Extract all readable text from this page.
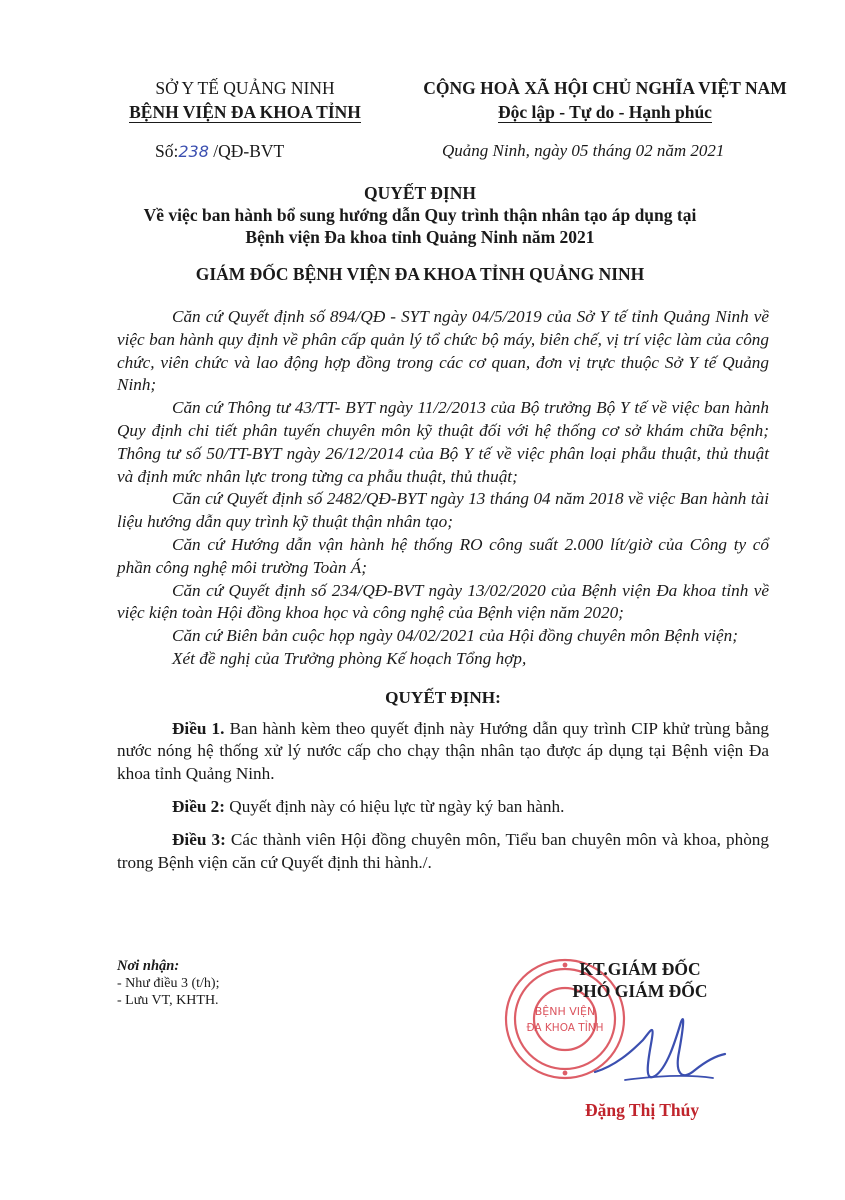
SỞ Y TẾ QUẢNG NINH
BỆNH VIỆN ĐA KHOA TỈNH
CỘNG HOÀ XÃ HỘI CHỦ NGHĨA VIỆT NAM
Độc lập - Tự do - Hạnh phúc
Số:238 /QĐ-BVT	Quảng Ninh, ngày 05 tháng 02 năm 2021
QUYẾT ĐỊNH
Về việc ban hành bổ sung hướng dẫn Quy trình thận nhân tạo áp dụng tại
Bệnh viện Đa khoa tỉnh Quảng Ninh năm 2021
GIÁM ĐỐC BỆNH VIỆN ĐA KHOA TỈNH QUẢNG NINH

Căn cứ Quyết định số 894/QĐ - SYT ngày 04/5/2019 của Sở Y tế tỉnh Quảng Ninh về việc ban hành quy định về phân cấp quản lý tổ chức bộ máy, biên chế, vị trí việc làm của công chức, viên chức và lao động hợp đồng trong các cơ quan, đơn vị trực thuộc Sở Y tế Quảng Ninh;

Căn cứ Thông tư 43/TT- BYT ngày 11/2/2013 của Bộ trưởng Bộ Y tế về việc ban hành Quy định chi tiết phân tuyến chuyên môn kỹ thuật đối với hệ thống cơ sở khám chữa bệnh; Thông tư số 50/TT-BYT ngày 26/12/2014 của Bộ Y tế về việc phân loại phẫu thuật, thủ thuật và định mức nhân lực trong từng ca phẫu thuật, thủ thuật;

Căn cứ Quyết định số 2482/QĐ-BYT ngày 13 tháng 04 năm 2018 về việc Ban hành tài liệu hướng dẫn quy trình kỹ thuật thận nhân tạo;

Căn cứ Hướng dẫn vận hành hệ thống RO công suất 2.000 lít/giờ của Công ty cổ phần công nghệ môi trường Toàn Á;

Căn cứ Quyết định số 234/QĐ-BVT ngày 13/02/2020 của Bệnh viện Đa khoa tỉnh về việc kiện toàn Hội đồng khoa học và công nghệ của Bệnh viện năm 2020;

Căn cứ Biên bản cuộc họp ngày 04/02/2021 của Hội đồng chuyên môn Bệnh viện;

Xét đề nghị của Trưởng phòng Kế hoạch Tổng hợp,

QUYẾT ĐỊNH:

Điều 1. Ban hành kèm theo quyết định này Hướng dẫn quy trình CIP khử trùng bằng nước nóng hệ thống xử lý nước cấp cho chạy thận nhân tạo được áp dụng tại Bệnh viện Đa khoa tỉnh Quảng Ninh.

Điều 2: Quyết định này có hiệu lực từ ngày ký ban hành.

Điều 3: Các thành viên Hội đồng chuyên môn, Tiểu ban chuyên môn và khoa, phòng trong Bệnh viện căn cứ Quyết định thi hành./.

Nơi nhận:
- Như điều 3 (t/h);
- Lưu VT, KHTH.
BỆNH VIỆN
ĐA KHOA TỈNH
KT.GIÁM ĐỐC
PHÓ GIÁM ĐỐC
Đặng Thị Thúy
